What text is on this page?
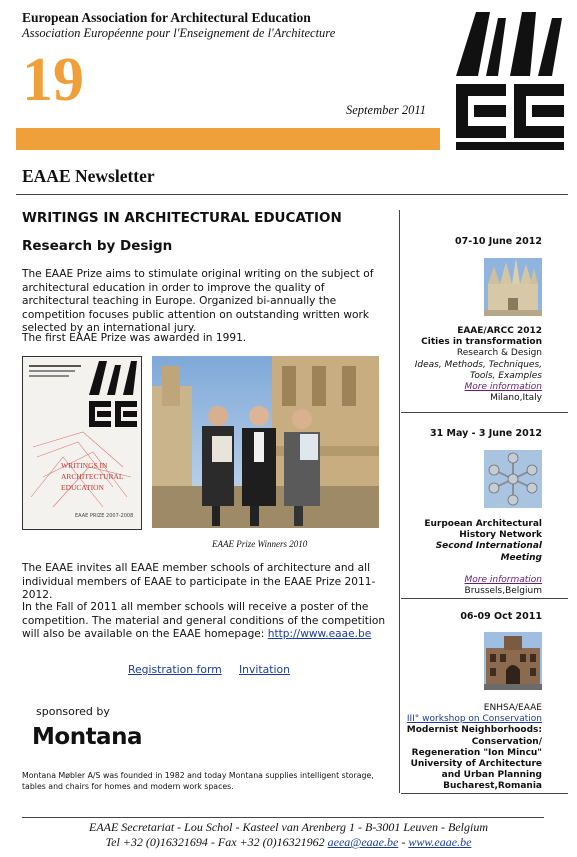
European Association for Architectural Education
Association Européenne pour l'Enseignement de l'Architecture
19	September 2011
EAAE Newsletter
WRITINGS IN ARCHITECTURAL EDUCATION
Research by Design
The EAAE Prize aims to stimulate original writing on the subject of architectural education in order to improve the quality of architectural teaching in Europe. Organized bi-annually the competition focuses public attention on outstanding written work selected by an international jury.
The first EAAE Prize was awarded in 1991.
EAAE PRIZE 2007-2008
WRITINGS IN ARCHITECTURAL EDUCATION
EAAE Prize Winners 2010
The EAAE invites all EAAE member schools of architecture and all individual members of EAAE to participate in the EAAE Prize 2011-2012.
In the Fall of 2011 all member schools will receive a poster of the competition. The material and general conditions of the competition will also be available on the EAAE homepage: http://www.eaae.be
Registration form Invitation
sponsored by
Montana
Montana Møbler A/S was founded in 1982 and today Montana supplies intelligent storage, tables and chairs for homes and modern work spaces.
07-10 June 2012
EAAE/ARCC 2012
Cities in transformation
Research & Design
Ideas, Methods, Techniques,
Tools, Examples
More information
Milano,Italy
31 May - 3 June 2012
Eurpoean Architectural History Network
Second International Meeting
More information
Brussels,Belgium
06-09 Oct 2011
ENHSA/EAAE
III° workshop on Conservation
Modernist Neighborhoods: Conservation/ Regeneration "Ion Mincu" University of Architecture and Urban Planning
Bucharest,Romania
EAAE Secretariat - Lou Schol - Kasteel van Arenberg 1 - B-3001 Leuven - Belgium
Tel +32 (0)16321694 - Fax +32 (0)16321962 aeea@eaae.be - www.eaae.be
